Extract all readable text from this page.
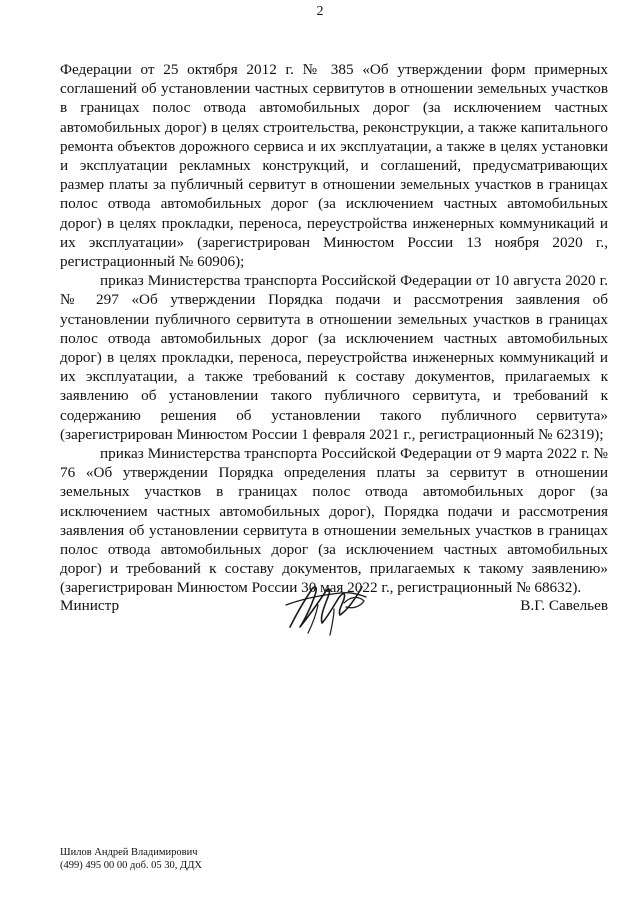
2

Федерации от 25 октября 2012 г. № 385 «Об утверждении форм примерных соглашений об установлении частных сервитутов в отношении земельных участков в границах полос отвода автомобильных дорог (за исключением частных автомобильных дорог) в целях строительства, реконструкции, а также капитального ремонта объектов дорожного сервиса и их эксплуатации, а также в целях установки и эксплуатации рекламных конструкций, и соглашений, предусматривающих размер платы за публичный сервитут в отношении земельных участков в границах полос отвода автомобильных дорог (за исключением частных автомобильных дорог) в целях прокладки, переноса, переустройства инженерных коммуникаций и их эксплуатации» (зарегистрирован Минюстом России 13 ноября 2020 г., регистрационный № 60906);

приказ Министерства транспорта Российской Федерации от 10 августа 2020 г. № 297 «Об утверждении Порядка подачи и рассмотрения заявления об установлении публичного сервитута в отношении земельных участков в границах полос отвода автомобильных дорог (за исключением частных автомобильных дорог) в целях прокладки, переноса, переустройства инженерных коммуникаций и их эксплуатации, а также требований к составу документов, прилагаемых к заявлению об установлении такого публичного сервитута, и требований к содержанию решения об установлении такого публичного сервитута» (зарегистрирован Минюстом России 1 февраля 2021 г., регистрационный № 62319);

приказ Министерства транспорта Российской Федерации от 9 марта 2022 г. № 76 «Об утверждении Порядка определения платы за сервитут в отношении земельных участков в границах полос отвода автомобильных дорог (за исключением частных автомобильных дорог), Порядка подачи и рассмотрения заявления об установлении сервитута в отношении земельных участков в границах полос отвода автомобильных дорог (за исключением частных автомобильных дорог) и требований к составу документов, прилагаемых к такому заявлению» (зарегистрирован Минюстом России 30 мая 2022 г., регистрационный № 68632).

Министр	В.Г. Савельев
Шилов Андрей Владимирович
(499) 495 00 00 доб. 05 30, ДДХ
